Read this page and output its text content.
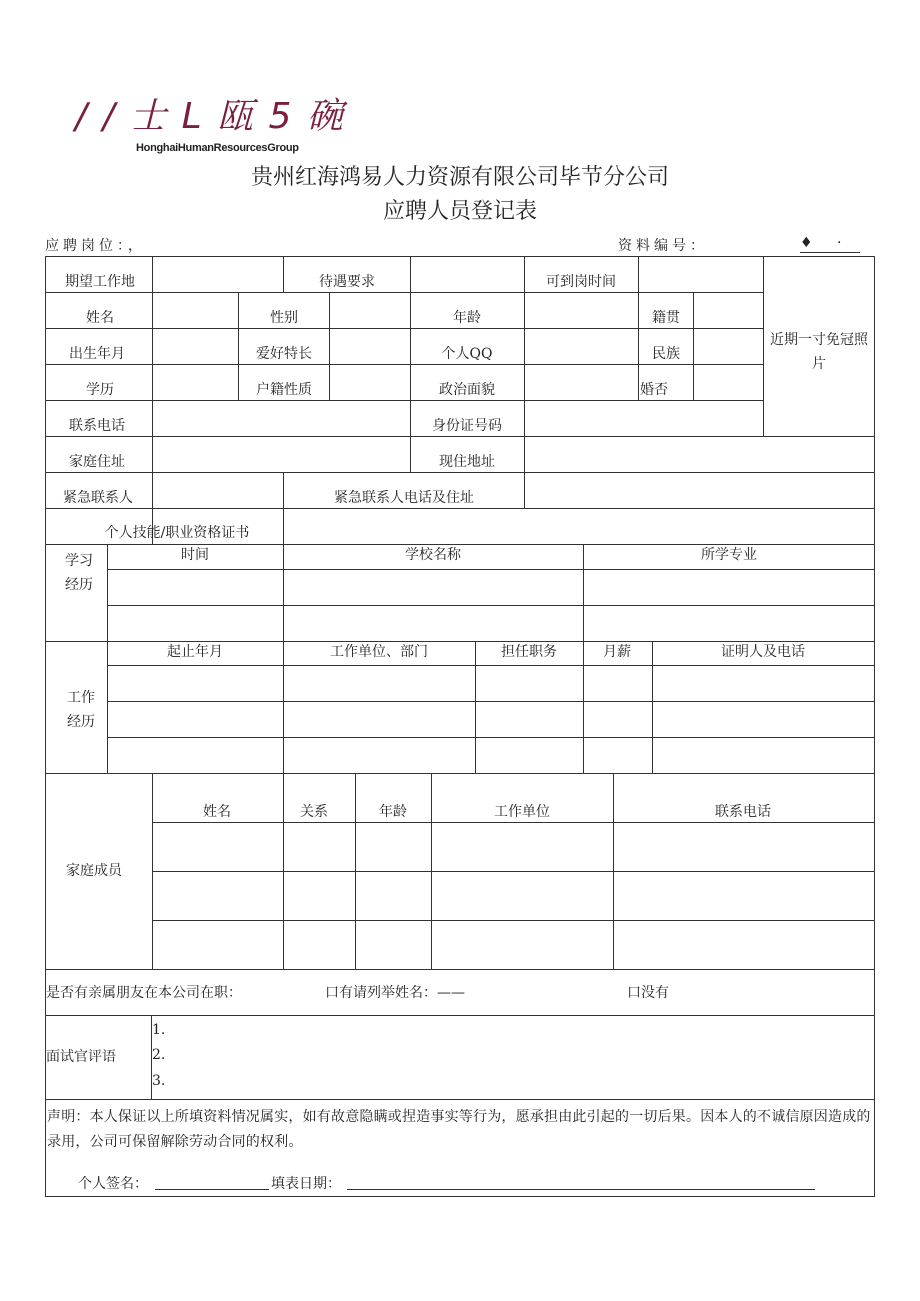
/ / 士 L 瓯 5 碗
HonghaiHumanResourcesGroup
贵州红海鸿易人力资源有限公司毕节分公司
应聘人员登记表
应聘岗位：，	资料编号：	♦ ·
期望工作地	待遇要求	可到岗时间
姓名	性别	年龄	籍贯
出生年月	爱好特长	个人QQ	民族
学历	户籍性质	政治面貌	婚否
近期一寸免冠照片
联系电话	身份证号码
家庭住址	现住地址
紧急联系人	紧急联系人电话及住址
个人技能/职业资格证书
学习经历
时间	学校名称	所学专业
工作经历
起止年月	工作单位、部门	担任职务	月薪	证明人及电话
家庭成员
姓名	关系	年龄	工作单位	联系电话
是否有亲属朋友在本公司在职：	口有请列举姓名：——	口没有
面试官评语
1.
2.
3.
声明：本人保证以上所填资料情况属实，如有故意隐瞒或捏造事实等行为，愿承担由此引起的一切后果。因本人的不诚信原因造成的录用，公司可保留解除劳动合同的权利。
个人签名：	填表日期：
